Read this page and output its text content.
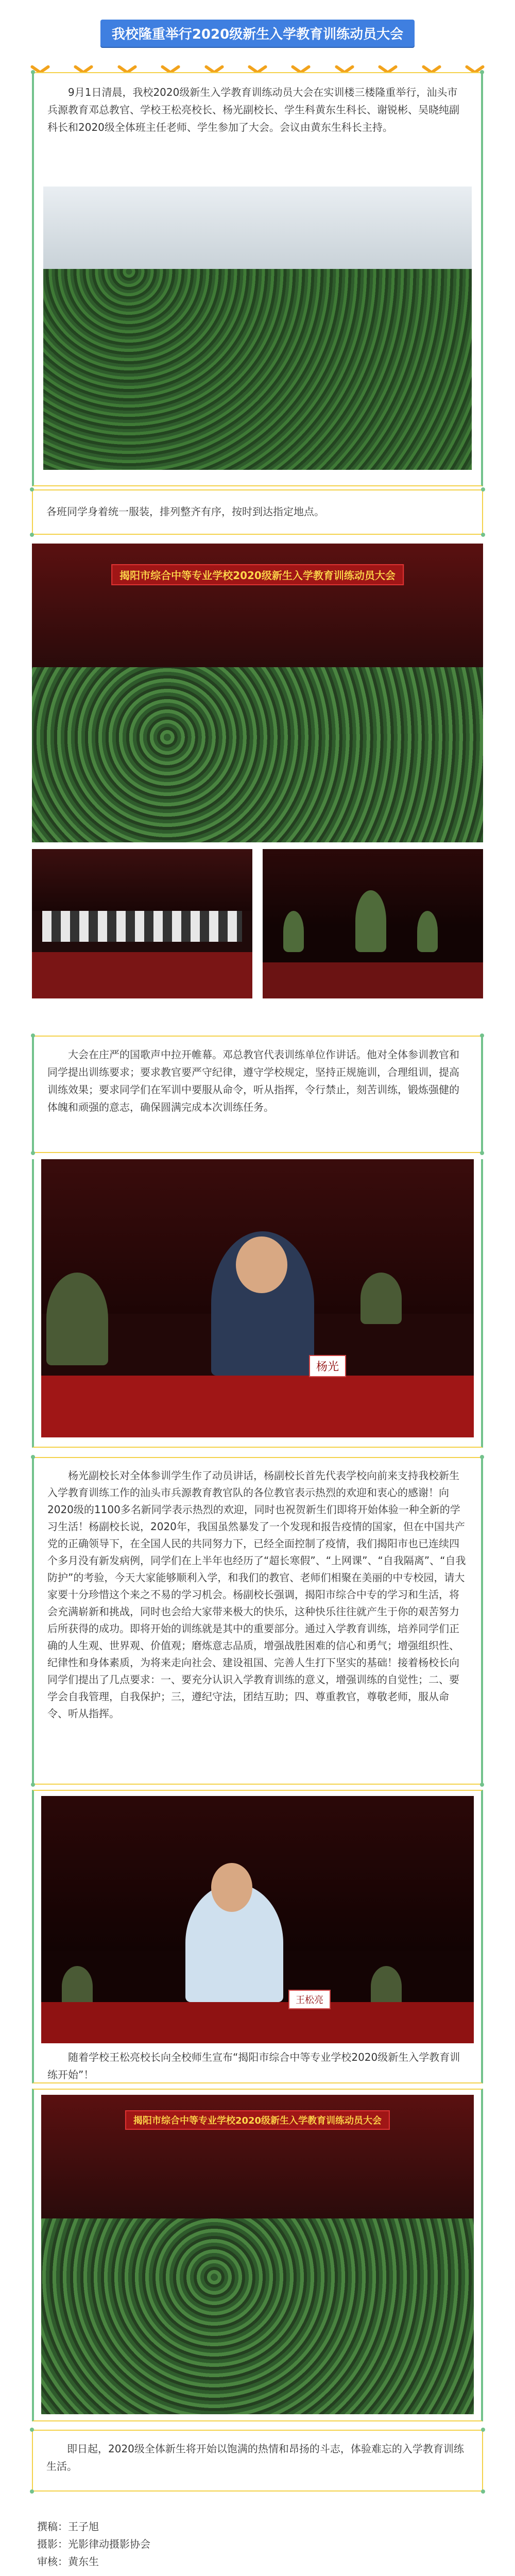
我校隆重举行2020级新生入学教育训练动员大会
9月1日清晨，我校2020级新生入学教育训练动员大会在实训楼三楼隆重举行，汕头市兵源教育邓总教官、学校王松亮校长、杨光副校长、学生科黄东生科长、谢锐彬、吴晓纯副科长和2020级全体班主任老师、学生参加了大会。会议由黄东生科长主持。
各班同学身着统一服装，排列整齐有序，按时到达指定地点。
揭阳市综合中等专业学校2020级新生入学教育训练动员大会
大会在庄严的国歌声中拉开帷幕。邓总教官代表训练单位作讲话。他对全体参训教官和同学提出训练要求；要求教官要严守纪律，遵守学校规定，坚持正规施训，合理组训，提高训练效果；要求同学们在军训中要服从命令，听从指挥，令行禁止，刻苦训练，锻炼强健的体魄和顽强的意志，确保圆满完成本次训练任务。
杨光
杨光副校长对全体参训学生作了动员讲话，杨副校长首先代表学校向前来支持我校新生入学教育训练工作的汕头市兵源教育教官队的各位教官表示热烈的欢迎和衷心的感谢！向2020级的1100多名新同学表示热烈的欢迎，同时也祝贺新生们即将开始体验一种全新的学习生活！杨副校长说，2020年，我国虽然暴发了一个发现和报告疫情的国家，但在中国共产党的正确领导下，在全国人民的共同努力下，已经全面控制了疫情，我们揭阳市也已连续四个多月没有新发病例，同学们在上半年也经历了“超长寒假”、“上网课”、“自我隔离”、“自我防护”的考验，今天大家能够顺利入学，和我们的教官、老师们相聚在美丽的中专校园，请大家要十分珍惜这个来之不易的学习机会。杨副校长强调，揭阳市综合中专的学习和生活，将会充满崭新和挑战，同时也会给大家带来极大的快乐，这种快乐往往就产生于你的艰苦努力后所获得的成功。即将开始的训练就是其中的重要部分。通过入学教育训练，培养同学们正确的人生观、世界观、价值观；磨炼意志品质，增强战胜困难的信心和勇气；增强组织性、纪律性和身体素质，为将来走向社会、建设祖国、完善人生打下坚实的基础！接着杨校长向同学们提出了几点要求：一、要充分认识入学教育训练的意义，增强训练的自觉性；二、要学会自我管理，自我保护；三，遵纪守法，团结互助；四、尊重教官，尊敬老师，服从命令、听从指挥。
王松亮
随着学校王松亮校长向全校师生宣布“揭阳市综合中等专业学校2020级新生入学教育训练开始”！
揭阳市综合中等专业学校2020级新生入学教育训练动员大会
即日起，2020级全体新生将开始以饱满的热情和昂扬的斗志，体验难忘的入学教育训练生活。
撰稿：王子旭
摄影：光影律动摄影协会
审核：黄东生
